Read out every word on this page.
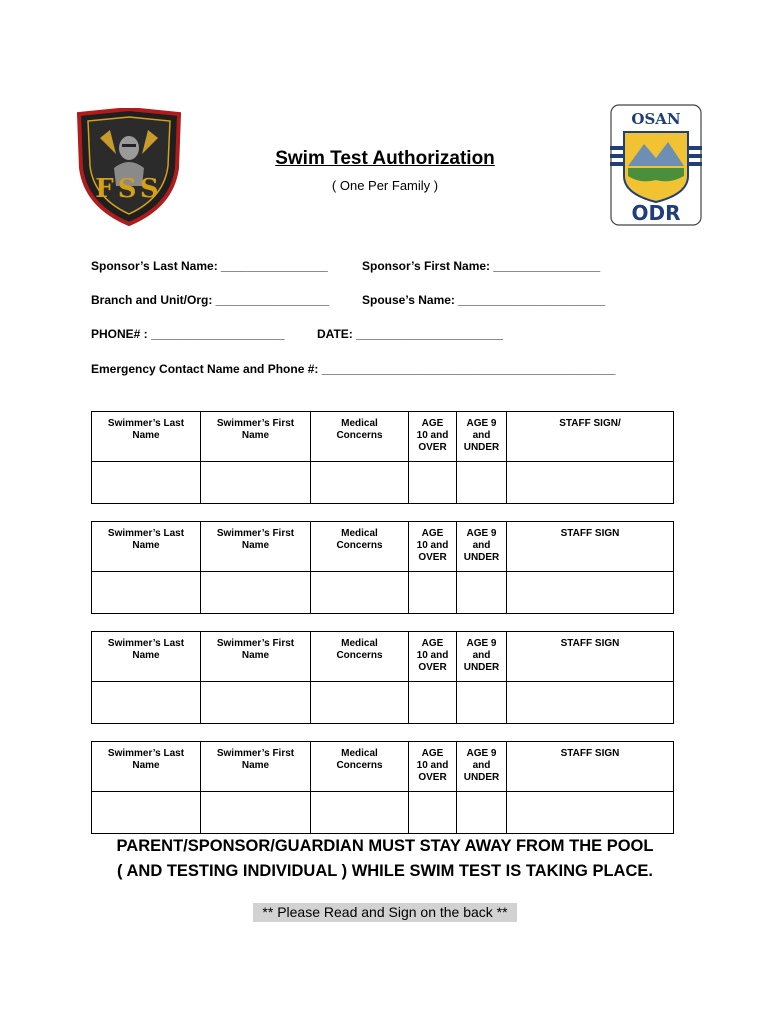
FSS
OSAN
ODR
Swim Test Authorization
( One Per Family )
Sponsor’s Last Name: ________________	Sponsor’s First Name: ________________
Branch and Unit/Org: _________________	Spouse’s Name: ______________________
PHONE# : ____________________	DATE: ______________________
Emergency Contact Name and Phone #: ____________________________________________
Swimmer’s Last
Name	Swimmer’s First
Name	Medical
Concerns	AGE
10 and
OVER	AGE 9
and
UNDER	STAFF SIGN/

Swimmer’s Last
Name	Swimmer’s First
Name	Medical
Concerns	AGE
10 and
OVER	AGE 9
and
UNDER	STAFF SIGN

Swimmer’s Last
Name	Swimmer’s First
Name	Medical
Concerns	AGE
10 and
OVER	AGE 9
and
UNDER	STAFF SIGN

Swimmer’s Last
Name	Swimmer’s First
Name	Medical
Concerns	AGE
10 and
OVER	AGE 9
and
UNDER	STAFF SIGN

PARENT/SPONSOR/GUARDIAN MUST STAY AWAY FROM THE POOL
( AND TESTING INDIVIDUAL ) WHILE SWIM TEST IS TAKING PLACE.
** Please Read and Sign on the back **
